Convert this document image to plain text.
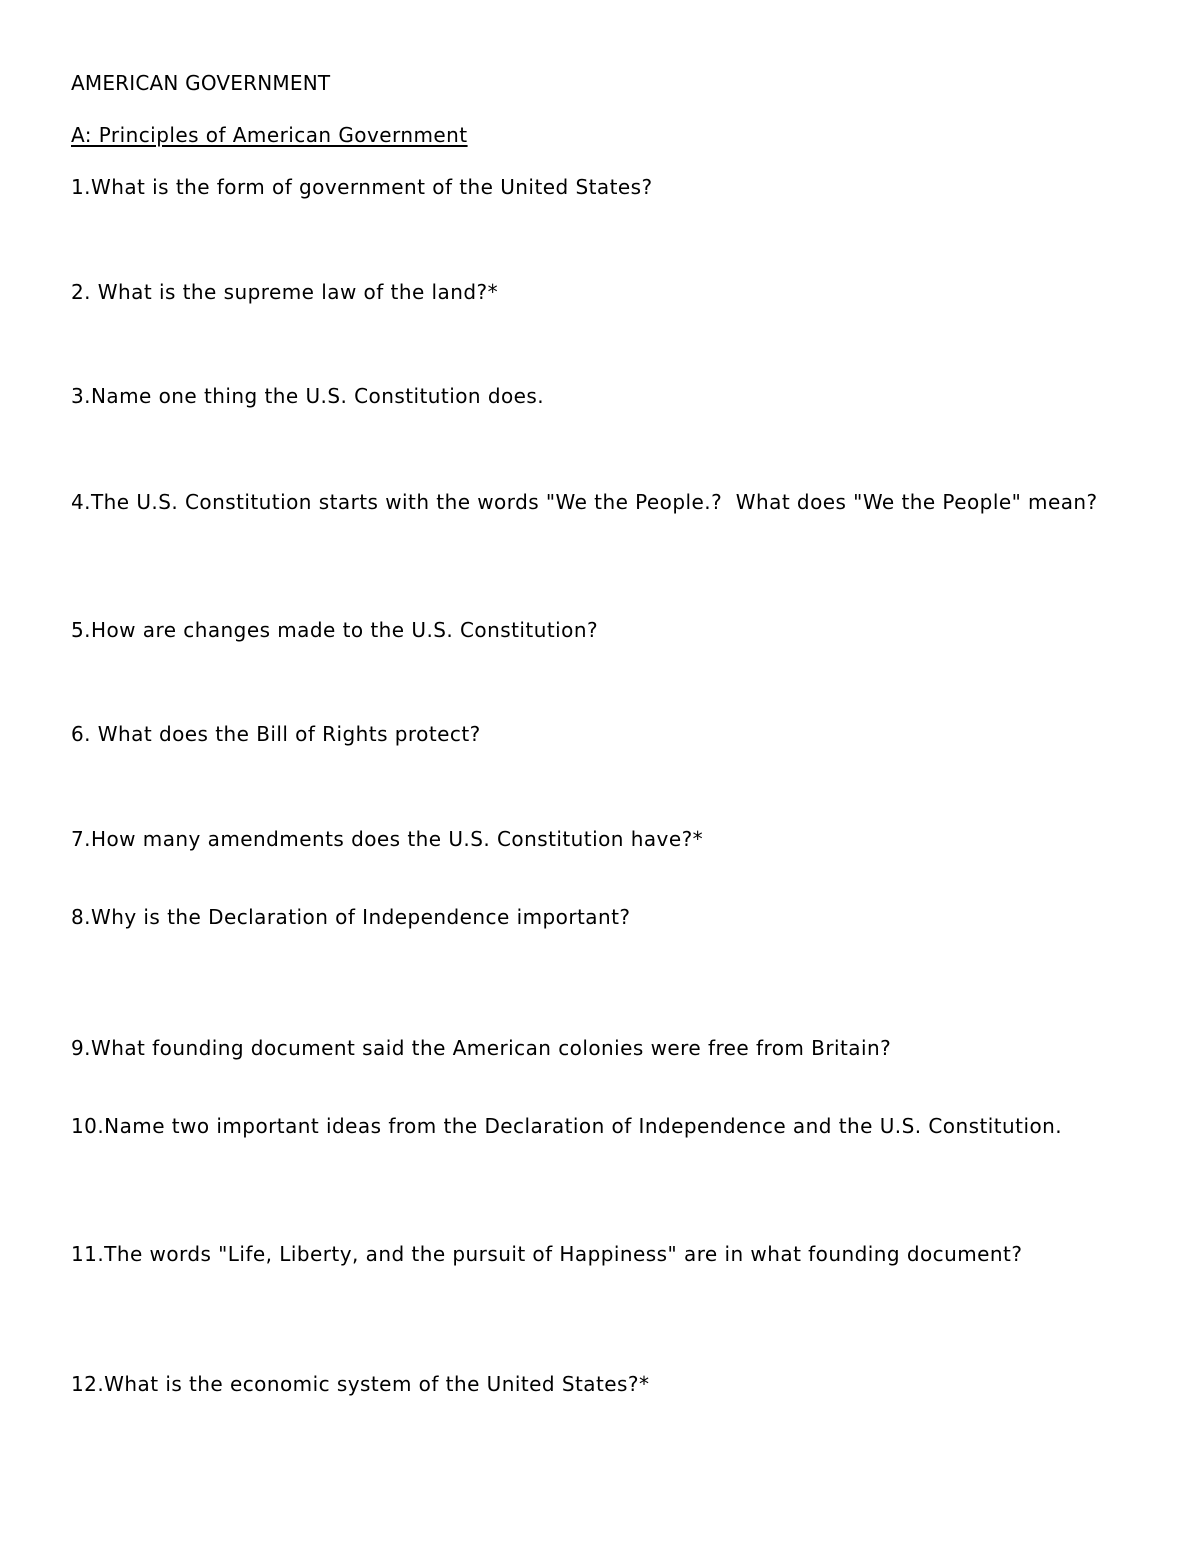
AMERICAN GOVERNMENT
A: Principles of American Government
1.What is the form of government of the United States?
2. What is the supreme law of the land?*
3.Name one thing the U.S. Constitution does.
4.The U.S. Constitution starts with the words "We the People.?  What does "We the People" mean?
5.How are changes made to the U.S. Constitution?
6. What does the Bill of Rights protect?
7.How many amendments does the U.S. Constitution have?*
8.Why is the Declaration of Independence important?
9.What founding document said the American colonies were free from Britain?
10.Name two important ideas from the Declaration of Independence and the U.S. Constitution.
11.The words "Life, Liberty, and the pursuit of Happiness" are in what founding document?
12.What is the economic system of the United States?*
